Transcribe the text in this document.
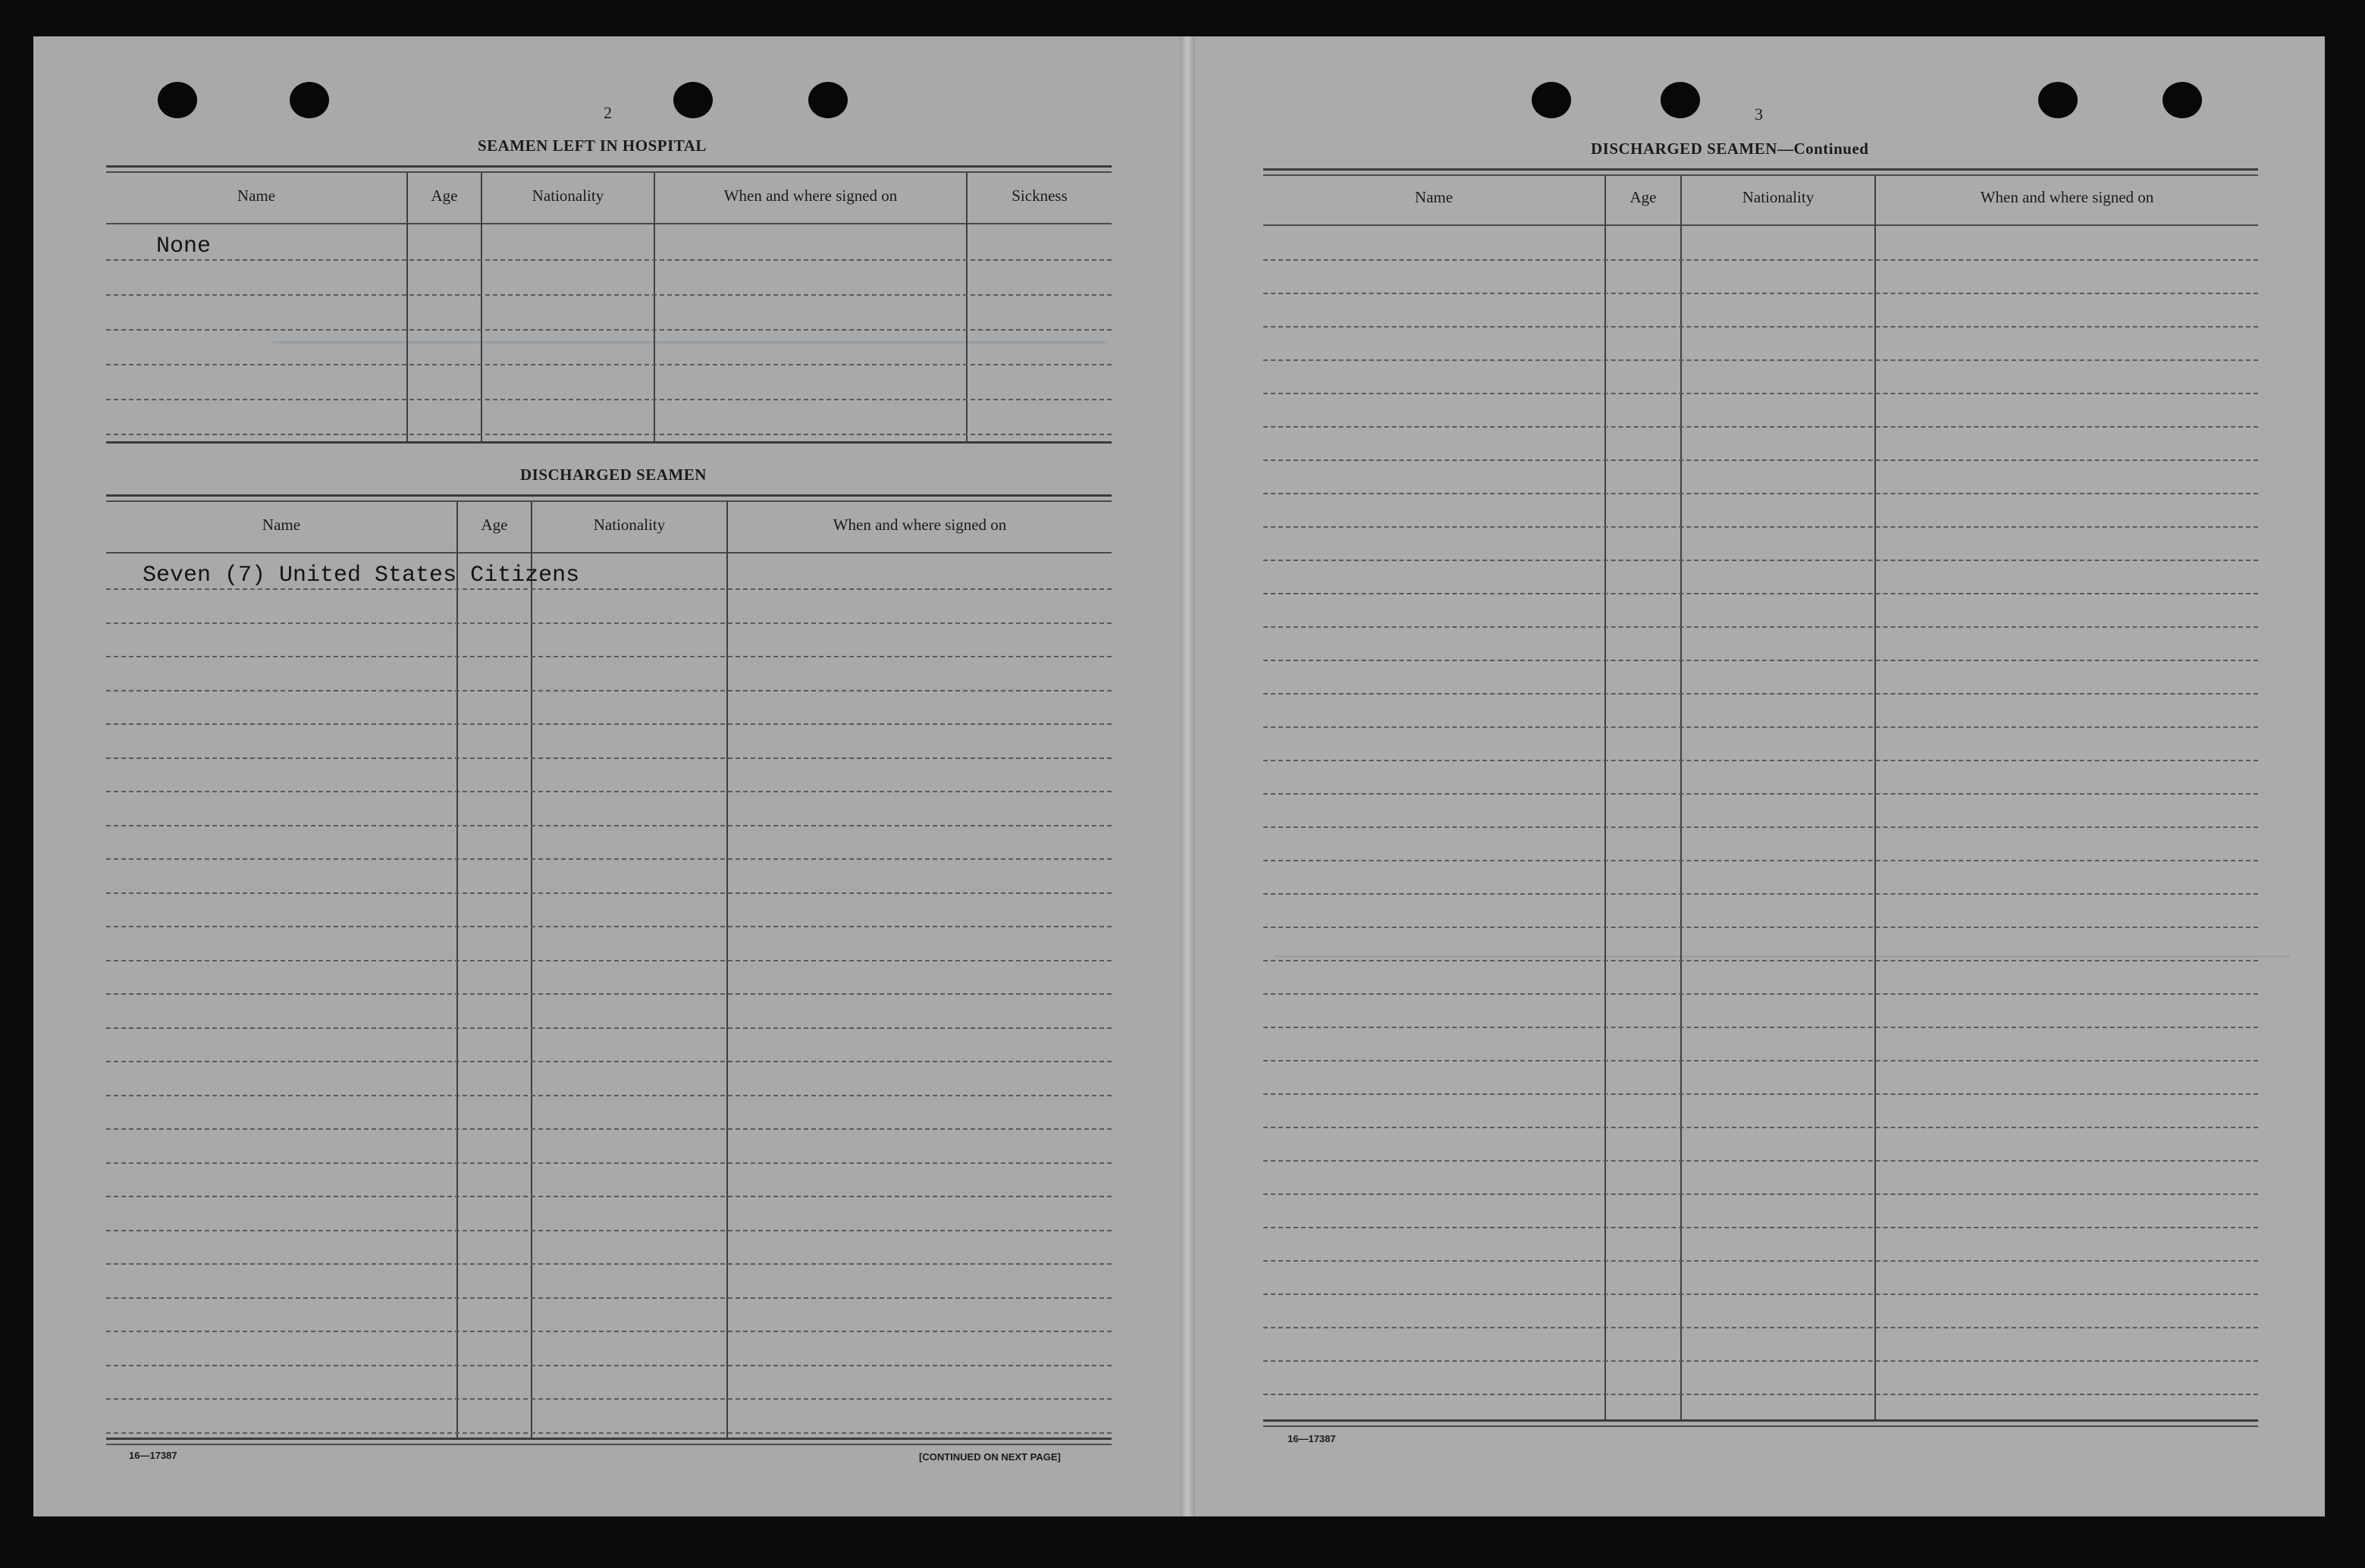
2
SEAMEN LEFT IN HOSPITAL
Name	Age	Nationality	When and where signed on	Sickness
None
DISCHARGED SEAMEN
Name	Age	Nationality	When and where signed on
Seven (7) United States Citizens
16—17387	[CONTINUED ON NEXT PAGE]
3
DISCHARGED SEAMEN—Continued
Name	Age	Nationality	When and where signed on
16—17387
